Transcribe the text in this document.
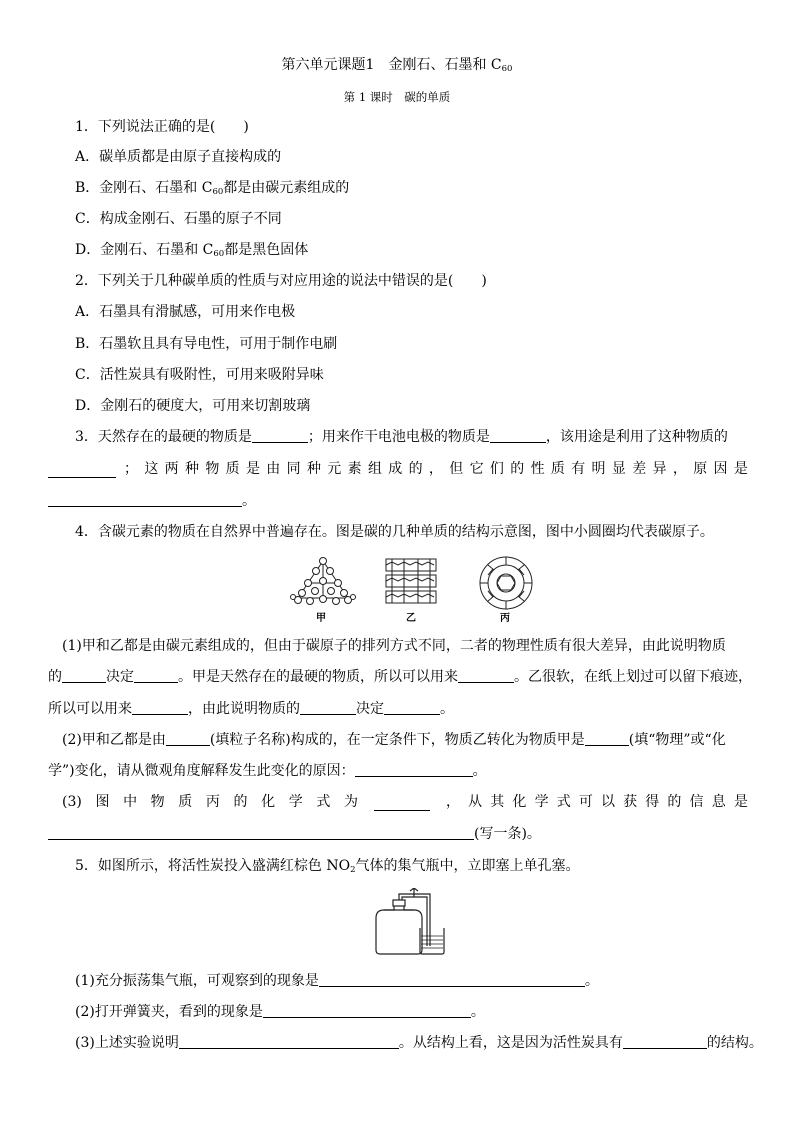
第六单元课题1　金刚石、石墨和 $C_{60}$
第 1 课时　碳的单质
1．下列说法正确的是(　　)
A．碳单质都是由原子直接构成的
B．金刚石、石墨和 $C_{60}$都是由碳元素组成的
C．构成金刚石、石墨的原子不同
D．金刚石、石墨和 $C_{60}$都是黑色固体
2．下列关于几种碳单质的性质与对应用途的说法中错误的是(　　)
A．石墨具有滑腻感，可用来作电极
B．石墨软且具有导电性，可用于制作电刷
C．活性炭具有吸附性，可用来吸附异味
D．金刚石的硬度大，可用来切割玻璃
3．天然存在的最硬的物质是	；用来作干电池电极的物质是	，该用途是利用了这种物质的
； 这 两 种 物 质 是 由 同 种 元 素 组 成 的 ， 但 它 们 的 性 质 有 明 显 差 异 ， 原 因 是
。
4．含碳元素的物质在自然界中普遍存在。图是碳的几种单质的结构示意图，图中小圆圈均代表碳原子。
甲	乙	丙
(1)甲和乙都是由碳元素组成的，但由于碳原子的排列方式不同，二者的物理性质有很大差异，由此说明物质
的	决定	。甲是天然存在的最硬的物质，所以可以用来	。乙很软，在纸上划过可以留下痕迹，
所以可以用来	，由此说明物质的	决定	。
(2)甲和乙都是由	(填粒子名称)构成的，在一定条件下，物质乙转化为物质甲是	(填“物理”或“化
学”)变化，请从微观角度解释发生此变化的原因：	。
(3) 图 中 物 质 丙 的 化 学 式 为	， 从 其 化 学 式 可 以 获 得 的 信 息 是
(写一条)。
5．如图所示，将活性炭投入盛满红棕色 $NO_2$气体的集气瓶中，立即塞上单孔塞。
(1)充分振荡集气瓶，可观察到的现象是	。
(2)打开弹簧夹，看到的现象是	。
(3)上述实验说明	。从结构上看，这是因为活性炭具有	的结构。
